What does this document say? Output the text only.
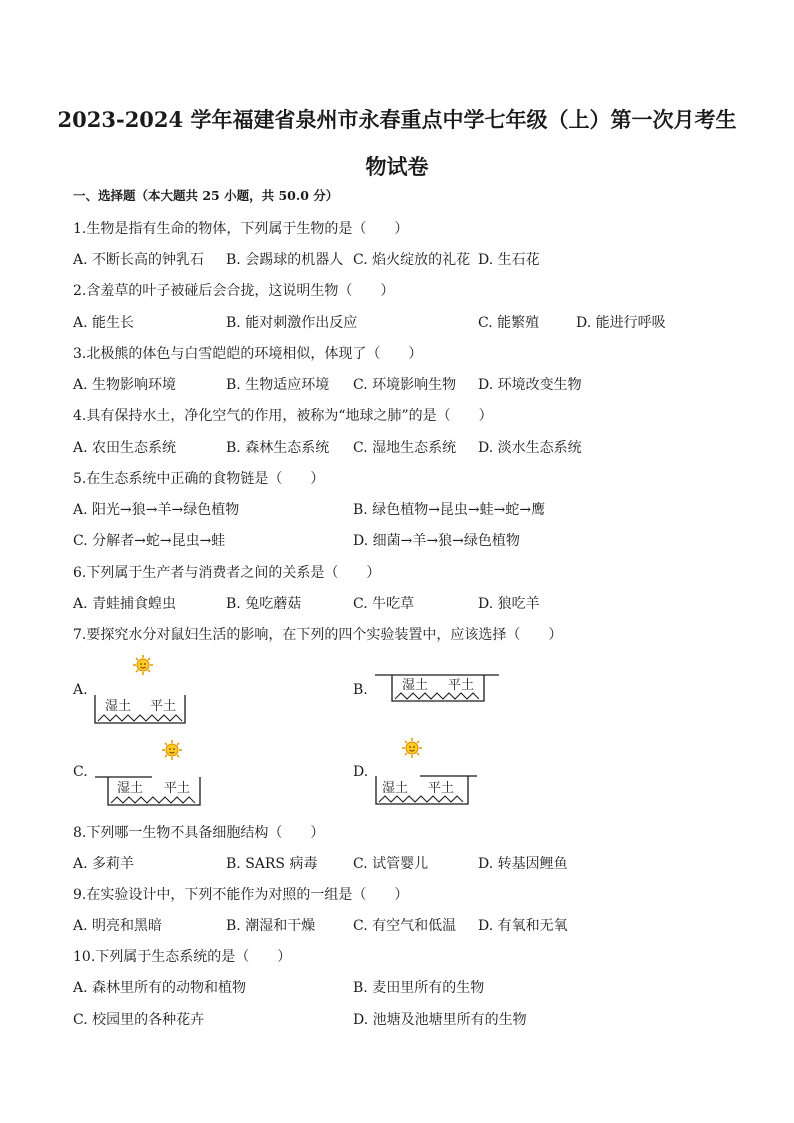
2023-2024 学年福建省泉州市永春重点中学七年级（上）第一次月考生
物试卷
一、选择题（本大题共 25 小题，共 50.0 分）
1.生物是指有生命的物体，下列属于生物的是（　　）
A. 不断长高的钟乳石 B. 会踢球的机器人 C. 焰火绽放的礼花 D. 生石花
2.含羞草的叶子被碰后会合拢，这说明生物（　　）
A. 能生长	B. 能对刺激作出反应	C. 能繁殖	D. 能进行呼吸
3.北极熊的体色与白雪皑皑的环境相似，体现了（　　）
A. 生物影响环境	B. 生物适应环境 C. 环境影响生物 D. 环境改变生物
4.具有保持水土，净化空气的作用，被称为“地球之肺”的是（　　）
A. 农田生态系统	B. 森林生态系统 C. 湿地生态系统 D. 淡水生态系统
5.在生态系统中正确的食物链是（　　）
A. 阳光→狼→羊→绿色植物	B. 绿色植物→昆虫→蛙→蛇→鹰
C. 分解者→蛇→昆虫→蛙	D. 细菌→羊→狼→绿色植物
6.下列属于生产者与消费者之间的关系是（　　）
A. 青蛙捕食蝗虫	B. 兔吃蘑菇	C. 牛吃草	D. 狼吃羊
7.要探究水分对鼠妇生活的影响，在下列的四个实验装置中，应该选择（　　）
A.
湿土 平土
B.	湿土 平土
C.
湿土 平土
D.
湿土 平土
8.下列哪一生物不具备细胞结构（　　）
A. 多莉羊	B. SARS 病毒	C. 试管婴儿	D. 转基因鲤鱼
9.在实验设计中，下列不能作为对照的一组是（　　）
A. 明亮和黑暗	B. 潮湿和干燥	C. 有空气和低温 D. 有氧和无氧
10.下列属于生态系统的是（　　）
A. 森林里所有的动物和植物	B. 麦田里所有的生物
C. 校园里的各种花卉	D. 池塘及池塘里所有的生物
